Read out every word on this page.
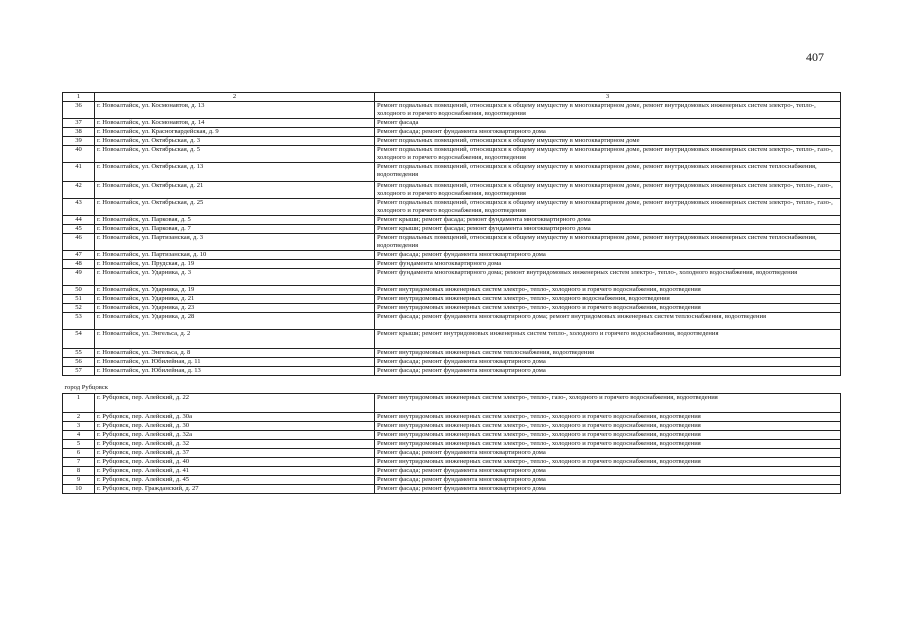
407
1	2	3
36	г. Новоалтайск, ул. Космонавтов, д. 13	Ремонт подвальных помещений, относящихся к общему имуществу в многоквартирном доме, ремонт внутридомовых инженерных систем электро-, тепло-, холодного и горячего водоснабжения, водоотведения
37	г. Новоалтайск, ул. Космонавтов, д. 14	Ремонт фасада
38	г. Новоалтайск, ул. Красногвардейская, д. 9	Ремонт фасада; ремонт фундамента многоквартирного дома
39	г. Новоалтайск, ул. Октябрьская, д. 3	Ремонт подвальных помещений, относящихся к общему имуществу в многоквартирном доме
40	г. Новоалтайск, ул. Октябрьская, д. 5	Ремонт подвальных помещений, относящихся к общему имуществу в многоквартирном доме, ремонт внутридомовых инженерных систем электро-, тепло-, газо-, холодного и горячего водоснабжения, водоотведения
41	г. Новоалтайск, ул. Октябрьская, д. 13	Ремонт подвальных помещений, относящихся к общему имуществу в многоквартирном доме, ремонт внутридомовых инженерных систем теплоснабжения, водоотведения
42	г. Новоалтайск, ул. Октябрьская, д. 21	Ремонт подвальных помещений, относящихся к общему имуществу в многоквартирном доме, ремонт внутридомовых инженерных систем электро-, тепло-, газо-, холодного и горячего водоснабжения, водоотведения
43	г. Новоалтайск, ул. Октябрьская, д. 25	Ремонт подвальных помещений, относящихся к общему имуществу в многоквартирном доме, ремонт внутридомовых инженерных систем электро-, тепло-, газо-, холодного и горячего водоснабжения, водоотведения
44	г. Новоалтайск, ул. Парковая, д. 5	Ремонт крыши; ремонт фасада; ремонт фундамента многоквартирного дома
45	г. Новоалтайск, ул. Парковая, д. 7	Ремонт крыши; ремонт фасада; ремонт фундамента многоквартирного дома
46	г. Новоалтайск, ул. Партизанская, д. 3	Ремонт подвальных помещений, относящихся к общему имуществу в многоквартирном доме, ремонт внутридомовых инженерных систем теплоснабжения, водоотведения
47	г. Новоалтайск, ул. Партизанская, д. 10	Ремонт фасада; ремонт фундамента многоквартирного дома
48	г. Новоалтайск, ул. Прудская, д. 19	Ремонт фундамента многоквартирного дома
49	г. Новоалтайск, ул. Ударника, д. 3	Ремонт фундамента многоквартирного дома; ремонт внутридомовых инженерных систем электро-, тепло-, холодного водоснабжения, водоотведения
50	г. Новоалтайск, ул. Ударника, д. 19	Ремонт внутридомовых инженерных систем электро-, тепло-, холодного и горячего водоснабжения, водоотведения
51	г. Новоалтайск, ул. Ударника, д. 21	Ремонт внутридомовых инженерных систем электро-, тепло-, холодного водоснабжения, водоотведения
52	г. Новоалтайск, ул. Ударника, д. 23	Ремонт внутридомовых инженерных систем электро-, тепло-, холодного и горячего водоснабжения, водоотведения
53	г. Новоалтайск, ул. Ударника, д. 28	Ремонт фасада; ремонт фундамента многоквартирного дома; ремонт внутридомовых инженерных систем теплоснабжения, водоотведения
54	г. Новоалтайск, ул. Энгельса, д. 2	Ремонт крыши; ремонт внутридомовых инженерных систем тепло-, холодного и горячего водоснабжения, водоотведения
55	г. Новоалтайск, ул. Энгельса, д. 8	Ремонт внутридомовых инженерных систем теплоснабжения, водоотведения
56	г. Новоалтайск, ул. Юбилейная, д. 11	Ремонт фасада; ремонт фундамента многоквартирного дома
57	г. Новоалтайск, ул. Юбилейная, д. 13	Ремонт фасада; ремонт фундамента многоквартирного дома
город Рубцовск		
1	г. Рубцовск, пер. Алейский, д. 22	Ремонт внутридомовых инженерных систем электро-, тепло-, газо-, холодного и горячего водоснабжения, водоотведения
2	г. Рубцовск, пер. Алейский, д. 30а	Ремонт внутридомовых инженерных систем электро-, тепло-, холодного и горячего водоснабжения, водоотведения
3	г. Рубцовск, пер. Алейский, д. 30	Ремонт внутридомовых инженерных систем электро-, тепло-, холодного и горячего водоснабжения, водоотведения
4	г. Рубцовск, пер. Алейский, д. 32а	Ремонт внутридомовых инженерных систем электро-, тепло-, холодного и горячего водоснабжения, водоотведения
5	г. Рубцовск, пер. Алейский, д. 32	Ремонт внутридомовых инженерных систем электро-, тепло-, холодного и горячего водоснабжения, водоотведения
6	г. Рубцовск, пер. Алейский, д. 37	Ремонт фасада; ремонт фундамента многоквартирного дома
7	г. Рубцовск, пер. Алейский, д. 40	Ремонт внутридомовых инженерных систем электро-, тепло-, холодного и горячего водоснабжения, водоотведения
8	г. Рубцовск, пер. Алейский, д. 41	Ремонт фасада; ремонт фундамента многоквартирного дома
9	г. Рубцовск, пер. Алейский, д. 45	Ремонт фасада; ремонт фундамента многоквартирного дома
10	г. Рубцовск, пер. Гражданский, д. 27	Ремонт фасада; ремонт фундамента многоквартирного дома
